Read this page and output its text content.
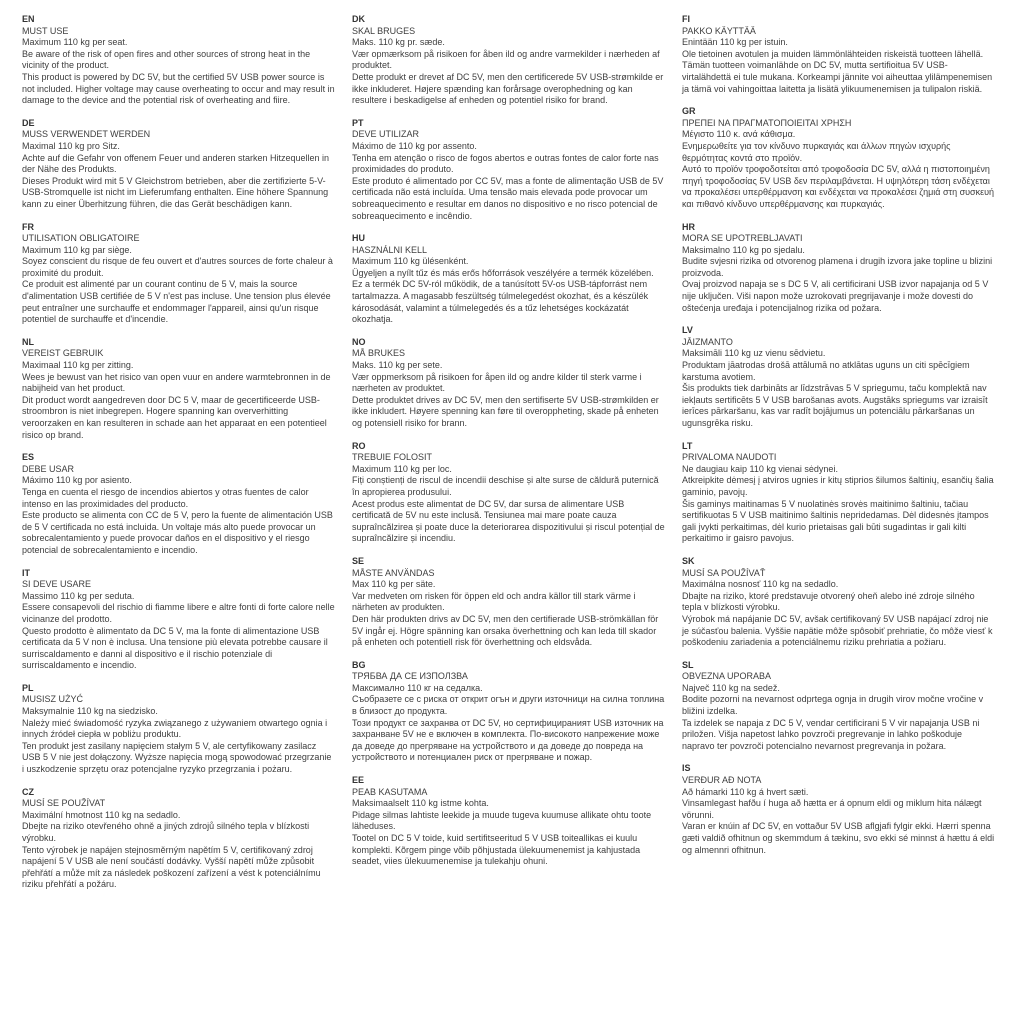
EN
MUST USE
Maximum 110 kg per seat.
Be aware of the risk of open fires and other sources of strong heat in the vicinity of the product.
This product is powered by DC 5V, but the certified 5V USB power source is not included. Higher voltage may cause overheating to occur and may result in damage to the device and the potential risk of overheating and fiire.
DE
MUSS VERWENDET WERDEN
Maximal 110 kg pro Sitz.
Achte auf die Gefahr von offenem Feuer und anderen starken Hitzequellen in der Nähe des Produkts.
Dieses Produkt wird mit 5 V Gleichstrom betrieben, aber die zertifizierte 5-V-USB-Stromquelle ist nicht im Lieferumfang enthalten. Eine höhere Spannung kann zu einer Überhitzung führen, die das Gerät beschädigen kann.
FR
UTILISATION OBLIGATOIRE
Maximum 110 kg par siège.
Soyez conscient du risque de feu ouvert et d'autres sources de forte chaleur à proximité du produit.
Ce produit est alimenté par un courant continu de 5 V, mais la source d'alimentation USB certifiée de 5 V n'est pas incluse. Une tension plus élevée peut entraîner une surchauffe et endommager l'appareil, ainsi qu'un risque potentiel de surchauffe et d'incendie.
NL
VEREIST GEBRUIK
Maximaal 110 kg per zitting.
Wees je bewust van het risico van open vuur en andere warmtebronnen in de nabijheid van het product.
Dit product wordt aangedreven door DC 5 V, maar de gecertificeerde USB-stroombron is niet inbegrepen. Hogere spanning kan oververhitting veroorzaken en kan resulteren in schade aan het apparaat en een potentieel risico op brand.
ES
DEBE USAR
Máximo 110 kg por asiento.
Tenga en cuenta el riesgo de incendios abiertos y otras fuentes de calor intenso en las proximidades del producto.
Este producto se alimenta con CC de 5 V, pero la fuente de alimentación USB de 5 V certificada no está incluida. Un voltaje más alto puede provocar un sobrecalentamiento y puede provocar daños en el dispositivo y el riesgo potencial de sobrecalentamiento e incendio.
IT
SI DEVE USARE
Massimo 110 kg per seduta.
Essere consapevoli del rischio di fiamme libere e altre fonti di forte calore nelle vicinanze del prodotto.
Questo prodotto è alimentato da DC 5 V, ma la fonte di alimentazione USB certificata da 5 V non è inclusa. Una tensione più elevata potrebbe causare il surriscaldamento e danni al dispositivo e il rischio potenziale di surriscaldamento e incendio.
PL
MUSISZ UŻYĆ
Maksymalnie 110 kg na siedzisko.
Należy mieć świadomość ryzyka związanego z używaniem otwartego ognia i innych źródeł ciepła w pobliżu produktu.
Ten produkt jest zasilany napięciem stałym 5 V, ale certyfikowany zasilacz USB 5 V nie jest dołączony. Wyższe napięcia mogą spowodować przegrzanie i uszkodzenie sprzętu oraz potencjalne ryzyko przegrzania i pożaru.
CZ
MUSÍ SE POUŽÍVAT
Maximální hmotnost 110 kg na sedadlo.
Dbejte na riziko otevřeného ohně a jiných zdrojů silného tepla v blízkosti výrobku.
Tento výrobek je napájen stejnosměrným napětím 5 V, certifikovaný zdroj napájení 5 V USB ale není součástí dodávky. Vyšší napětí může způsobit přehřátí a může mít za následek poškození zařízení a vést k potenciálnímu riziku přehřátí a požáru.
DK
SKAL BRUGES
Maks. 110 kg pr. sæde.
Vær opmærksom på risikoen for åben ild og andre varmekilder i nærheden af produktet.
Dette produkt er drevet af DC 5V, men den certificerede 5V USB-strømkilde er ikke inkluderet. Højere spænding kan forårsage overophedning og kan resultere i beskadigelse af enheden og potentiel risiko for brand.
PT
DEVE UTILIZAR
Máximo de 110 kg por assento.
Tenha em atenção o risco de fogos abertos e outras fontes de calor forte nas proximidades do produto.
Este produto é alimentado por CC 5V, mas a fonte de alimentação USB de 5V certificada não está incluída. Uma tensão mais elevada pode provocar um sobreaquecimento e resultar em danos no dispositivo e no risco potencial de sobreaquecimento e incêndio.
HU
HASZNÁLNI KELL
Maximum 110 kg ülésenként.
Ügyeljen a nyílt tűz és más erős hőforrások veszélyére a termék közelében.
Ez a termék DC 5V-ról működik, de a tanúsított 5V-os USB-tápforrást nem tartalmazza. A magasabb feszültség túlmelegedést okozhat, és a készülék károsodását, valamint a túlmelegedés és a tűz lehetséges kockázatát okozhatja.
NO
MÅ BRUKES
Maks. 110 kg per sete.
Vær oppmerksom på risikoen for åpen ild og andre kilder til sterk varme i nærheten av produktet.
Dette produktet drives av DC 5V, men den sertifiserte 5V USB-strømkilden er ikke inkludert. Høyere spenning kan føre til overoppheting, skade på enheten og potensiell risiko for brann.
RO
TREBUIE FOLOSIT
Maximum 110 kg per loc.
Fiți conștienți de riscul de incendii deschise și alte surse de căldură puternică în apropierea produsului.
Acest produs este alimentat de DC 5V, dar sursa de alimentare USB certificată de 5V nu este inclusă. Tensiunea mai mare poate cauza supraîncălzirea și poate duce la deteriorarea dispozitivului și riscul potențial de supraîncălzire și incendiu.
SE
MÅSTE ANVÄNDAS
Max 110 kg per säte.
Var medveten om risken för öppen eld och andra källor till stark värme i närheten av produkten.
Den här produkten drivs av DC 5V, men den certifierade USB-strömkällan för 5V ingår ej. Högre spänning kan orsaka överhettning och kan leda till skador på enheten och potentiell risk för överhettning och eldsvåda.
BG
ТРЯБВА ДА СЕ ИЗПОЛЗВА
Максимално 110 кг на седалка.
Съобразете се с риска от открит огън и други източници на силна топлина в близост до продукта.
Този продукт се захранва от DC 5V, но сертифицираният USB източник на захранване 5V не е включен в комплекта. По-високото напрежение може да доведе до прегряване на устройството и да доведе до повреда на устройството и потенциален риск от прегряване и пожар.
EE
PEAB KASUTAMA
Maksimaalselt 110 kg istme kohta.
Pidage silmas lahtiste leekide ja muude tugeva kuumuse allikate ohtu toote läheduses.
Tootel on DC 5 V toide, kuid sertifitseeritud 5 V USB toiteallikas ei kuulu komplekti. Kõrgem pinge võib põhjustada ülekuumenemist ja kahjustada seadet, viies ülekuumenemise ja tulekahju ohuni.
FI
PAKKO KÄYTTÄÄ
Enintään 110 kg per istuin.
Ole tietoinen avotulen ja muiden lämmönlähteiden riskeistä tuotteen lähellä.
Tämän tuotteen voimanlähde on DC 5V, mutta sertifioitua 5V USB-virtalähdettä ei tule mukana. Korkeampi jännite voi aiheuttaa ylilämpenemisen ja tämä voi vahingoittaa laitetta ja lisätä ylikuumenemisen ja tulipalon riskiä.
GR
ΠΡΕΠΕΙ ΝΑ ΠΡΑΓΜΑΤΟΠΟΙΕΙΤΑΙ ΧΡΗΣΗ
Μέγιστο 110 κ. ανά κάθισμα.
Ενημερωθείτε για τον κίνδυνο πυρκαγιάς και άλλων πηγών ισχυρής θερμότητας κοντά στο προϊόν.
Αυτό το προϊόν τροφοδοτείται από τροφοδοσία DC 5V, αλλά η πιστοποιημένη πηγή τροφοδοσίας 5V USB δεν περιλαμβάνεται. Η υψηλότερη τάση ενδέχεται να προκαλέσει υπερθέρμανση και ενδέχεται να προκαλέσει ζημιά στη συσκευή και πιθανό κίνδυνο υπερθέρμανσης και πυρκαγιάς.
HR
MORA SE UPOTREBLJAVATI
Maksimalno 110 kg po sjedalu.
Budite svjesni rizika od otvorenog plamena i drugih izvora jake topline u blizini proizvoda.
Ovaj proizvod napaja se s DC 5 V, ali certificirani USB izvor napajanja od 5 V nije uključen. Viši napon može uzrokovati pregrijavanje i može dovesti do oštećenja uređaja i potencijalnog rizika od požara.
LV
JĀIZMANTO
Maksimāli 110 kg uz vienu sēdvietu.
Produktam jāatrodas drošā attālumā no atklātas uguns un citi spēcīgiem karstuma avotiem.
Šis produkts tiek darbināts ar līdzstrāvas 5 V spriegumu, taču komplektā nav iekļauts sertificēts 5 V USB barošanas avots. Augstāks spriegums var izraisīt ierīces pārkaršanu, kas var radīt bojājumus un potenciālu pārkaršanas un ugunsgrēka risku.
LT
PRIVALOMA NAUDOTI
Ne daugiau kaip 110 kg vienai sėdynei.
Atkreipkite dėmesį į atviros ugnies ir kitų stiprios šilumos šaltinių, esančių šalia gaminio, pavojų.
Šis gaminys maitinamas 5 V nuolatinės srovės maitinimo šaltiniu, tačiau sertifikuotas 5 V USB maitinimo šaltinis nepridedamas. Dėl didesnės įtampos gali įvykti perkaitimas, dėl kurio prietaisas gali būti sugadintas ir gali kilti perkaitimo ir gaisro pavojus.
SK
MUSÍ SA POUŽÍVAŤ
Maximálna nosnosť 110 kg na sedadlo.
Dbajte na riziko, ktoré predstavuje otvorený oheň alebo iné zdroje silného tepla v blízkosti výrobku.
Výrobok má napájanie DC 5V, avšak certifikovaný 5V USB napájací zdroj nie je súčasťou balenia. Vyššie napätie môže spôsobiť prehriatie, čo môže viesť k poškodeniu zariadenia a potenciálnemu riziku prehriatia a požiaru.
SL
OBVEZNA UPORABA
Največ 110 kg na sedež.
Bodite pozorni na nevarnost odprtega ognja in drugih virov močne vročine v bližini izdelka.
Ta izdelek se napaja z DC 5 V, vendar certificirani 5 V vir napajanja USB ni priložen. Višja napetost lahko povzroči pregrevanje in lahko poškoduje napravo ter povzroči potencialno nevarnost pregrevanja in požara.
IS
VERÐUR AÐ NOTA
Að hámarki 110 kg á hvert sæti.
Vinsamlegast hafðu í huga að hætta er á opnum eldi og miklum hita nálægt vörunni.
Varan er knúin af DC 5V, en vottaður 5V USB aflgjafi fylgir ekki. Hærri spenna gæti valdið ofhitnun og skemmdum á tækinu, svo ekki sé minnst á hættu á eldi og almennri ofhitnun.
